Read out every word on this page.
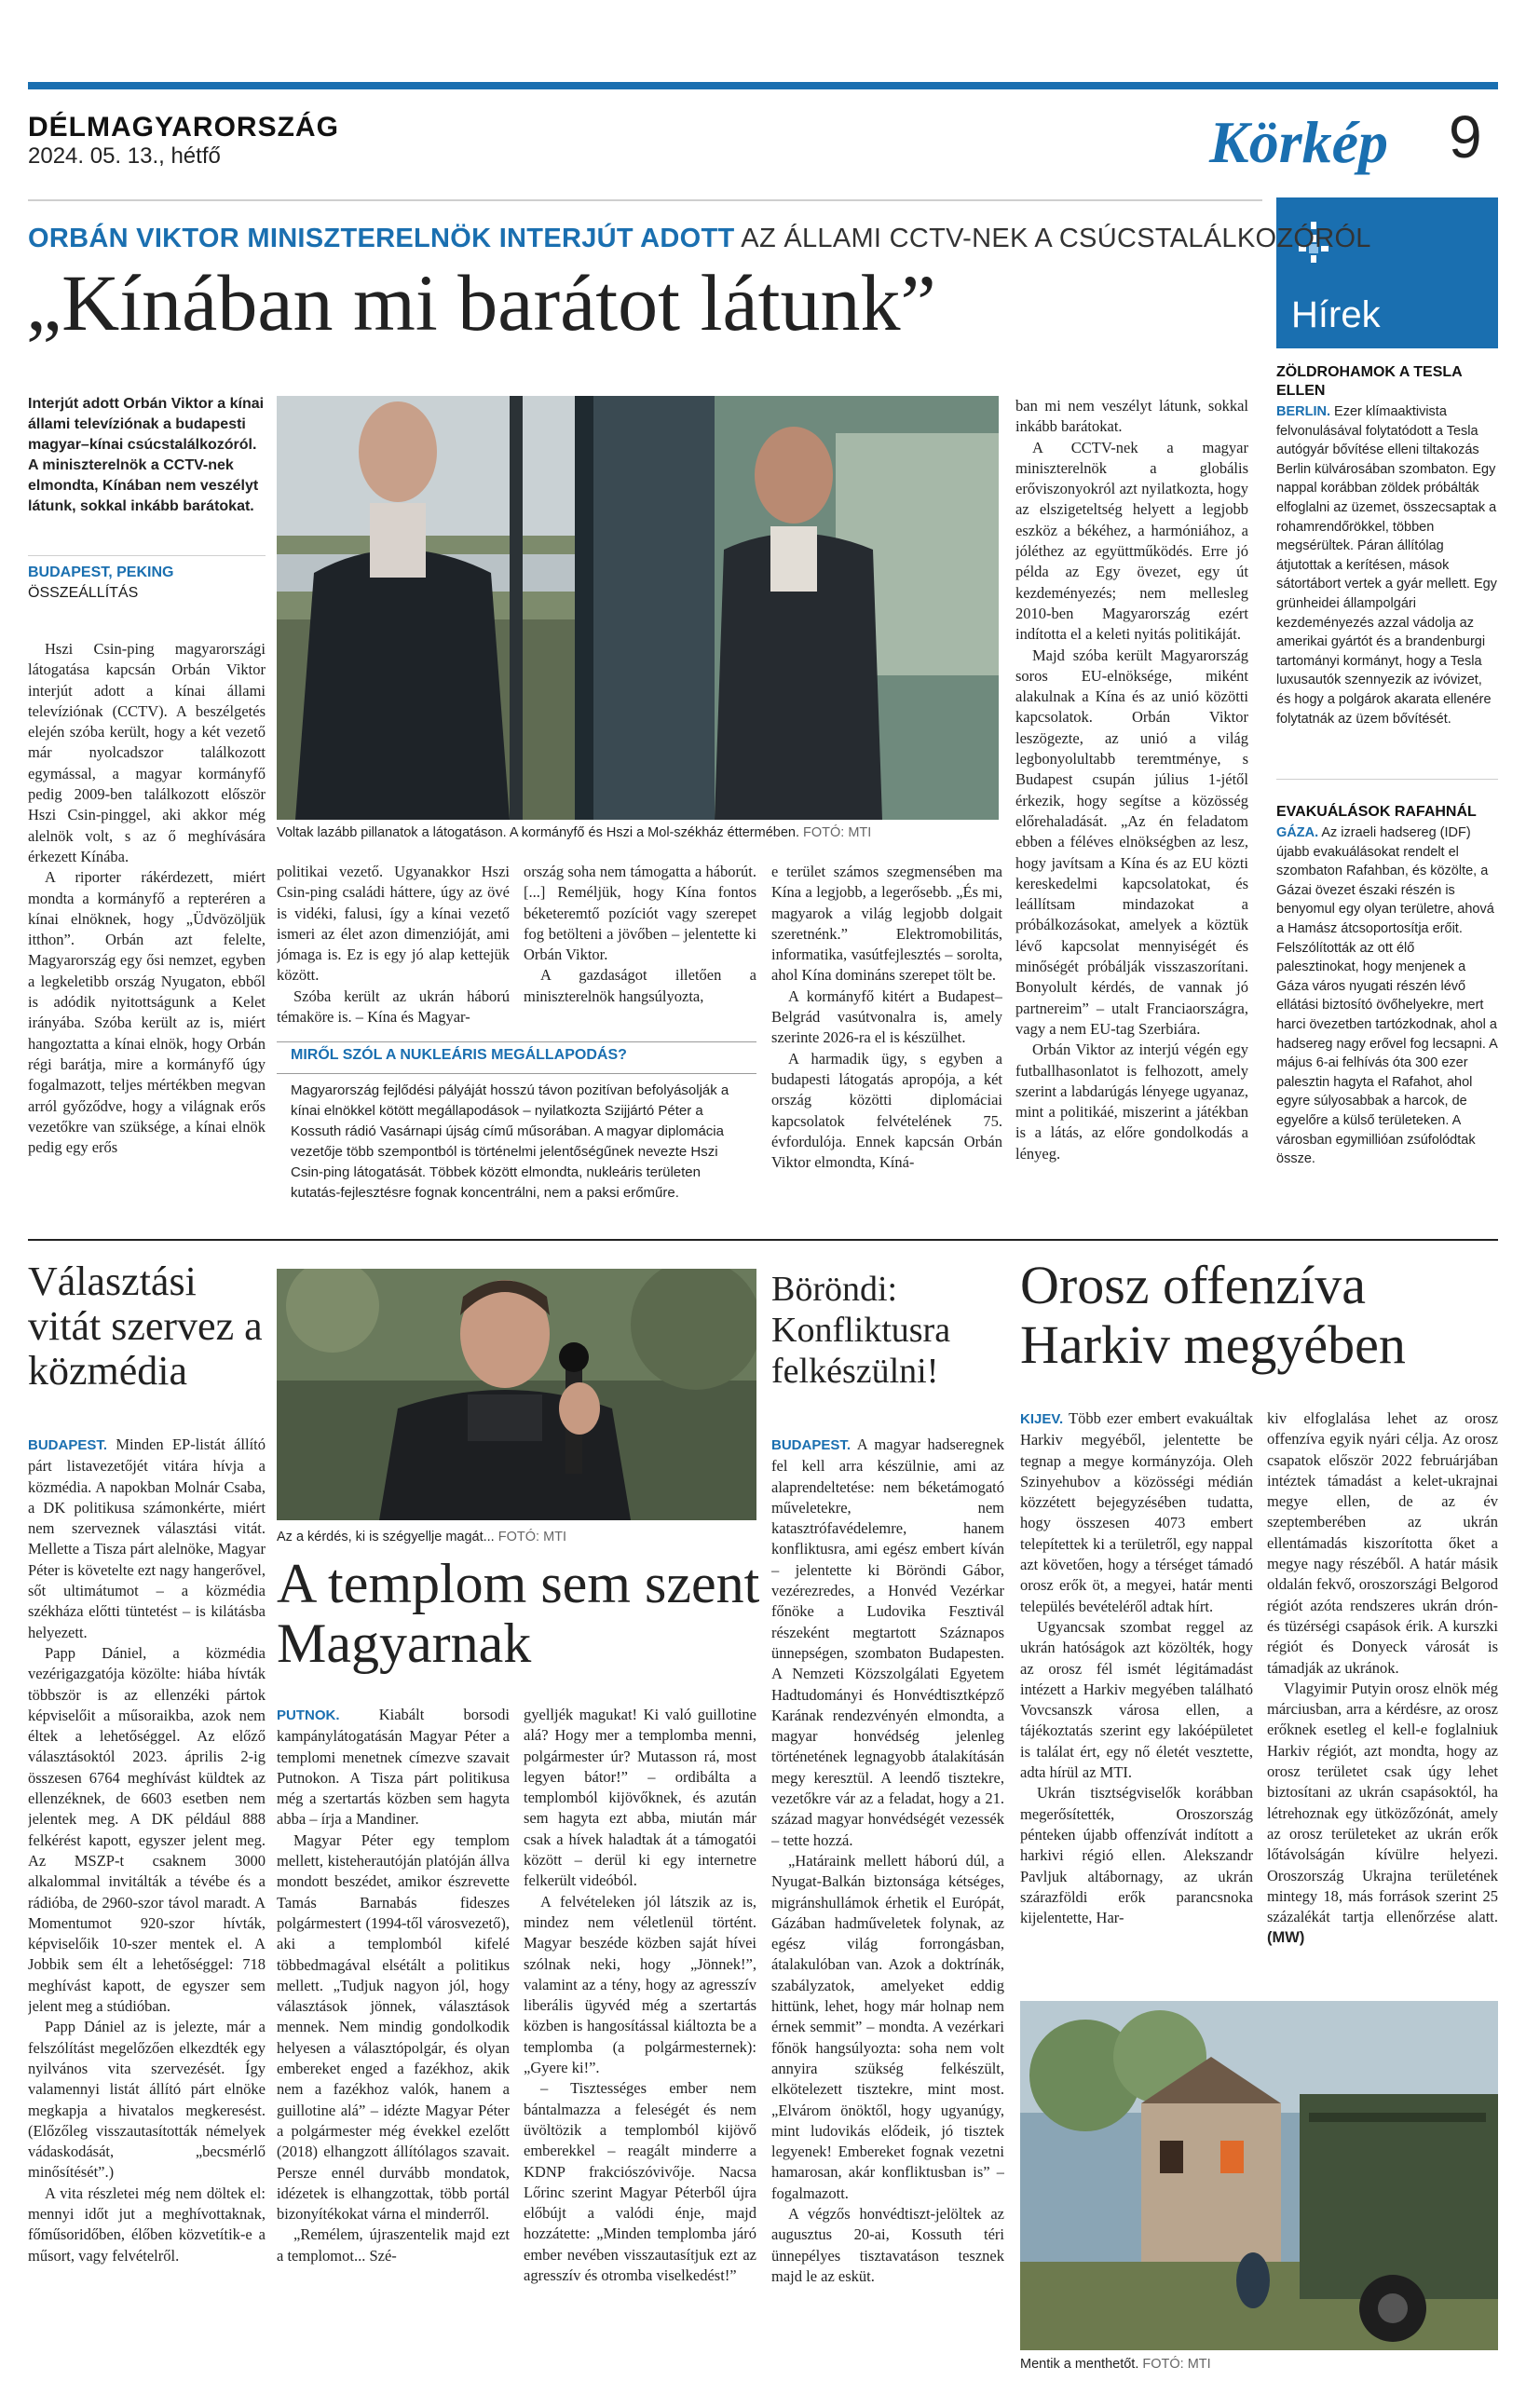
DÉLMAGYARORSZÁG
2024. 05. 13., hétfő	Körkép 9
Hírek
ORBÁN VIKTOR MINISZTERELNÖK INTERJÚT ADOTT AZ ÁLLAMI CCTV-NEK A CSÚCSTALÁLKOZÓRÓL
„Kínában mi barátot látunk”
Interjút adott Orbán Viktor a kínai állami televíziónak a budapesti magyar–kínai csúcstalálkozóról. A miniszterelnök a CCTV-nek elmondta, Kínában nem veszélyt látunk, sokkal inkább barátokat.
BUDAPEST, PEKING
ÖSSZEÁLLÍTÁS

Hszi Csin-ping magyarországi látogatása kapcsán Orbán Viktor interjút adott a kínai állami televíziónak (CCTV). A beszélgetés elején szóba került, hogy a két vezető már nyolcadszor találkozott egymással, a magyar kormányfő pedig 2009-ben találkozott először Hszi Csin-pinggel, aki akkor még alelnök volt, s az ő meghívására érkezett Kínába.

A riporter rákérdezett, miért mondta a kormányfő a repteréren a kínai elnöknek, hogy „Üdvözöljük itthon”. Orbán azt felelte, Magyarország egy ősi nemzet, egyben a legkeletibb ország Nyugaton, ebből is adódik nyitottságunk a Kelet irányába. Szóba került az is, miért hangoztatta a kínai elnök, hogy Orbán régi barátja, mire a kormányfő úgy fogalmazott, teljes mértékben megvan arról győződve, hogy a világnak erős vezetőkre van szüksége, a kínai elnök pedig egy erős

Voltak lazább pillanatok a látogatáson. A kormányfő és Hszi a Mol-székház éttermében. FOTÓ: MTI

politikai vezető. Ugyanakkor Hszi Csin-ping családi háttere, úgy az övé is vidéki, falusi, így a kínai vezető ismeri az élet azon dimenzióját, ami jómaga is. Ez is egy jó alap kettejük között.

Szóba került az ukrán háború témaköre is. – Kína és Magyar-

ország soha nem támogatta a háborút. [...] Reméljük, hogy Kína fontos béketeremtő pozíciót vagy szerepet fog betölteni a jövőben – jelentette ki Orbán Viktor.

A gazdaságot illetően a miniszterelnök hangsúlyozta,

MIRŐL SZÓL A NUKLEÁRIS MEGÁLLAPODÁS?
Magyarország fejlődési pályáját hosszú távon pozitívan befolyásolják a kínai elnökkel kötött megállapodások – nyilatkozta Szijjártó Péter a Kossuth rádió Vasárnapi újság című műsorában. A magyar diplomácia vezetője több szempontból is történelmi jelentőségűnek nevezte Hszi Csin-ping látogatását. Többek között elmondta, nukleáris területen kutatás-fejlesztésre fognak koncentrálni, nem a paksi erőműre.

e terület számos szegmensében ma Kína a legjobb, a legerősebb. „És mi, magyarok a világ legjobb dolgait szeretnénk.” Elektromobilitás, informatika, vasútfejlesztés – sorolta, ahol Kína domináns szerepet tölt be.

A kormányfő kitért a Budapest–Belgrád vasútvonalra is, amely szerinte 2026-ra el is készülhet.

A harmadik ügy, s egyben a budapesti látogatás apropója, a két ország közötti diplomáciai kapcsolatok felvételének 75. évfordulója. Ennek kapcsán Orbán Viktor elmondta, Kíná-

ban mi nem veszélyt látunk, sokkal inkább barátokat.

A CCTV-nek a magyar miniszterelnök a globális erőviszonyokról azt nyilatkozta, hogy az elszigeteltség helyett a legjobb eszköz a békéhez, a harmóniához, a jóléthez az együttműködés. Erre jó példa az Egy övezet, egy út kezdeményezés; nem mellesleg 2010-ben Magyarország ezért indította el a keleti nyitás politikáját.

Majd szóba került Magyarország soros EU-elnöksége, miként alakulnak a Kína és az unió közötti kapcsolatok. Orbán Viktor leszögezte, az unió a világ legbonyolultabb teremtménye, s Budapest csupán július 1-jétől érkezik, hogy segítse a közösség előrehaladását. „Az én feladatom ebben a féléves elnökségben az lesz, hogy javítsam a Kína és az EU közti kereskedelmi kapcsolatokat, és leállítsam mindazokat a próbálkozásokat, amelyek a köztük lévő kapcsolat mennyiségét és minőségét próbálják visszaszorítani. Bonyolult kérdés, de vannak jó partnereim” – utalt Franciaországra, vagy a nem EU-tag Szerbiára.

Orbán Viktor az interjú végén egy futballhasonlatot is felhozott, amely szerint a labdarúgás lényege ugyanaz, mint a politikáé, miszerint a játékban is a látás, az előre gondolkodás a lényeg.

ZÖLDROHAMOK A TESLA ELLEN
BERLIN. Ezer klímaaktivista felvonulásával folytatódott a Tesla autógyár bővítése elleni tiltakozás Berlin külvárosában szombaton. Egy nappal korábban zöldek próbálták elfoglalni az üzemet, összecsaptak a rohamrendőrökkel, többen megsérültek. Páran állítólag átjutottak a kerítésen, mások sátortábort vertek a gyár mellett. Egy grünheidei állampolgári kezdeményezés azzal vádolja az amerikai gyártót és a brandenburgi tartományi kormányt, hogy a Tesla luxusautók szennyezik az ivóvizet, és hogy a polgárok akarata ellenére folytatnák az üzem bővítését.
EVAKUÁLÁSOK RAFAHNÁL
GÁZA. Az izraeli hadsereg (IDF) újabb evakuálásokat rendelt el szombaton Rafahban, és közölte, a Gázai övezet északi részén is benyomul egy olyan területre, ahová a Hamász átcsoportosítja erőit. Felszólították az ott élő palesztinokat, hogy menjenek a Gáza város nyugati részén lévő ellátási biztosító övőhelyekre, mert harci övezetben tartózkodnak, ahol a hadsereg nagy erővel fog lecsapni. A május 6-ai felhívás óta 300 ezer palesztin hagyta el Rafahot, ahol egyre súlyosabbak a harcok, de egyelőre a külső területeken. A városban egymillióan zsúfolódtak össze.
Választási vitát szervez a közmédia

BUDAPEST. Minden EP-listát állító párt listavezetőjét vitára hívja a közmédia. A napokban Molnár Csaba, a DK politikusa számonkérte, miért nem szerveznek választási vitát. Mellette a Tisza párt alelnöke, Magyar Péter is követelte ezt nagy hangerővel, sőt ultimátumot – a közmédia székháza előtti tüntetést – is kilátásba helyezett.

Papp Dániel, a közmédia vezérigazgatója közölte: hiába hívták többször is az ellenzéki pártok képviselőit a műsoraikba, azok nem éltek a lehetőséggel. Az előző választásoktól 2023. április 2-ig összesen 6764 meghívást küldtek az ellenzéknek, de 6603 esetben nem jelentek meg. A DK például 888 felkérést kapott, egyszer jelent meg. Az MSZP-t csaknem 3000 alkalommal invitálták a tévébe és a rádióba, de 2960-szor távol maradt. A Momentumot 920-szor hívták, képviselőik 10-szer mentek el. A Jobbik sem élt a lehetőséggel: 718 meghívást kapott, de egyszer sem jelent meg a stúdióban.

Papp Dániel az is jelezte, már a felszólítást megelőzően elkezdték egy nyilvános vita szervezését. Így valamennyi listát állító párt elnöke megkapja a hivatalos megkeresést. (Előzőleg visszautasították némelyek vádaskodását, „becsmérlő minősítését”.)

A vita részletei még nem döltek el: mennyi időt jut a meghívottaknak, főműsoridőben, élőben közvetítik-e a műsort, vagy felvételről.

Az a kérdés, ki is szégyellje magát... FOTÓ: MTI
A templom sem szent Magyarnak

PUTNOK. Kiabált borsodi kampánylátogatásán Magyar Péter a templomi menetnek címezve szavait Putnokon. A Tisza párt politikusa még a szertartás közben sem hagyta abba – írja a Mandiner.

Magyar Péter egy templom mellett, kisteherautóján platóján állva mondott beszédet, amikor észrevette Tamás Barnabás fideszes polgármestert (1994-től városvezető), aki a templomból kifelé többedmagával elsétált a politikus mellett. „Tudjuk nagyon jól, hogy választások jönnek, választások mennek. Nem mindig gondolkodik helyesen a választópolgár, és olyan embereket enged a fazékhoz, akik nem a fazékhoz valók, hanem a guillotine alá” – idézte Magyar Péter a polgármester még évekkel ezelőtt (2018) elhangzott állítólagos szavait. Persze ennél durvább mondatok, idézetek is elhangzottak, több portál bizonyítékokat várna el minderről.

„Remélem, újraszentelik majd ezt a templomot... Szé-

gyelljék magukat! Ki való guillotine alá? Hogy mer a templomba menni, polgármester úr? Mutasson rá, most legyen bátor!” – ordibálta a templomból kijövőknek, és azután sem hagyta ezt abba, miután már csak a hívek haladtak át a támogatói között – derül ki egy internetre felkerült videóból.

A felvételeken jól látszik az is, mindez nem véletlenül történt. Magyar beszéde közben saját hívei szólnak neki, hogy „Jönnek!”, valamint az a tény, hogy az agresszív liberális ügyvéd még a szertartás közben is hangosítással kiáltozta be a templomba (a polgármesternek): „Gyere ki!”.

– Tisztességes ember nem bántalmazza a feleségét és nem üvöltözik a templomból kijövő emberekkel – reagált minderre a KDNP frakciószóvivője. Nacsa Lőrinc szerint Magyar Péterből újra előbújt a valódi énje, majd hozzátette: „Minden templomba járó ember nevében visszautasítjuk ezt az agresszív és otromba viselkedést!”

Böröndi: Konfliktusra felkészülni!

BUDAPEST. A magyar hadseregnek fel kell arra készülnie, ami az alaprendeltetése: nem béketámogató műveletekre, nem katasztrófavédelemre, hanem konfliktusra, ami egész embert kíván – jelentette ki Böröndi Gábor, vezérezredes, a Honvéd Vezérkar főnöke a Ludovika Fesztivál részeként megtartott Száznapos ünnepségen, szombaton Budapesten. A Nemzeti Közszolgálati Egyetem Hadtudományi és Honvédtisztképző Karának rendezvényén elmondta, a magyar honvédség jelenleg történetének legnagyobb átalakításán megy keresztül. A leendő tisztekre, vezetőkre vár az a feladat, hogy a 21. század magyar honvédségét vezessék – tette hozzá.

„Határaink mellett háború dúl, a Nyugat-Balkán biztonsága kétséges, migránshullámok érhetik el Európát, Gázában hadműveletek folynak, az egész világ forrongásban, átalakulóban van. Azok a doktrínák, szabályzatok, amelyeket eddig hittünk, lehet, hogy már holnap nem érnek semmit” – mondta. A vezérkari főnök hangsúlyozta: soha nem volt annyira szükség felkészült, elkötelezett tisztekre, mint most. „Elvárom önöktől, hogy ugyanúgy, mint ludovikás elődeik, jó tisztek legyenek! Embereket fognak vezetni hamarosan, akár konfliktusban is” – fogalmazott.

A végzős honvédtiszt-jelöltek az augusztus 20-ai, Kossuth téri ünnepélyes tisztavatáson tesznek majd le az esküt.

Orosz offenzíva Harkiv megyében

KIJEV. Több ezer embert evakuáltak Harkiv megyéből, jelentette be tegnap a megye kormányzója. Oleh Szinyehubov a közösségi médián közzétett bejegyzésében tudatta, hogy összesen 4073 embert telepítettek ki a területről, egy nappal azt követően, hogy a térséget támadó orosz erők öt, a megyei, határ menti település bevételéről adtak hírt.

Ugyancsak szombat reggel az ukrán hatóságok azt közölték, hogy az orosz fél ismét légitámadást intézett a Harkiv megyében található Vovcsanszk városa ellen, a tájékoztatás szerint egy lakóépületet is találat ért, egy nő életét vesztette, adta hírül az MTI.

Ukrán tisztségviselők korábban megerősítették, Oroszország pénteken újabb offenzívát indított a harkivi régió ellen. Alekszandr Pavljuk altábornagy, az ukrán szárazföldi erők parancsnoka kijelentette, Har-

kiv elfoglalása lehet az orosz offenzíva egyik nyári célja. Az orosz csapatok először 2022 februárjában intéztek támadást a kelet-ukrajnai megye ellen, de az év szeptemberében az ukrán ellentámadás kiszorította őket a megye nagy részéből. A határ másik oldalán fekvő, oroszországi Belgorod régiót azóta rendszeres ukrán drón- és tüzérségi csapások érik. A kurszki régiót és Donyeck városát is támadják az ukránok.

Vlagyimir Putyin orosz elnök még márciusban, arra a kérdésre, az orosz erőknek esetleg el kell-e foglalniuk Harkiv régiót, azt mondta, hogy az orosz területet csak úgy lehet biztosítani az ukrán csapásoktól, ha létrehoznak egy ütközőzónát, amely az orosz területeket az ukrán erők lőtávolságán kívülre helyezi. Oroszország Ukrajna területének mintegy 18, más források szerint 25 százalékát tartja ellenőrzése alatt. (MW)

Mentik a menthetőt. FOTÓ: MTI
